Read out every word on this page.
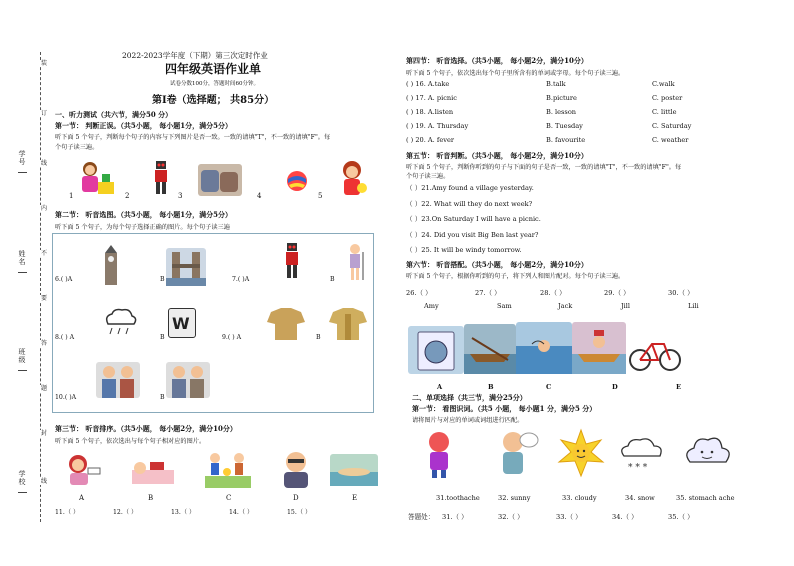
学号
姓名
班级
学校
装
订
线
内
不
要
答
题
封
线
2022-2023学年度（下期）第三次定时作业
四年级英语作业单
试卷分数100分，答题时间60分钟。
第Ⅰ卷（选择题； 共85分）
一、听力测试（共六节，满分50 分）
第一节： 判断正误。（共5小题， 每小题1分，满分5分）
听下面 5 个句子，判断每个句子的内容与下列图片是否一致。一致的请填"T"，不一致的请填"F"。每
个句子读三遍。
1	2	3	4	5
第二节： 听音选图。（共5小题， 每小题1分，满分5分）
听下面 5 个句子，为每个句子选择正确的图片。每个句子读三遍
6.( )A	B	7.( )A	B
8.( ) A	B
W
9.( ) A	B
10.( )A	B
第三节： 听音排序。（共5小题， 每小题2分，满分10分）
听下面 5 个句子，依次选出与每个句子相对应的图片。
A	B	C	D	E
11.（ ）	12.（ ）	13.（ ）	14.（ ）	15.（ ）
第四节： 听音选择。（共5小题， 每小题2分，满分10分）
听下面 5 个句子，依次选出每个句子里所含有的单词或字母。每个句子读三遍。
( ) 16. A.take	B.talk	C.walk
( ) 17. A. picnic	B.picture	C. poster
( ) 18. A.listen	B. lesson	C. little
( ) 19. A. Thursday	B. Tuesday	C. Saturday
( ) 20. A. fever	B. favourite	C. weather
第五节： 听音判断。（共5小题， 每小题2分，满分10分）
听下面 5 个句子，判断你听到的句子与下面的句子是否一致，一致的请填"T"，不一致的请填"F"。每
个句子读三遍。
（ ）21.Amy found a village yesterday.
（ ）22. What will they do next week?
（ ）23.On Saturday I will have a picnic.
（ ）24. Did you visit Big Ben last year?
（ ）25. It will be windy tomorrow.
第六节： 听音搭配。（共5小题， 每小题2分，满分10分）
听下面 5 个句子，根据你听到的句子，将下列人和图片配对。每个句子读三遍。
26.（ ）	27.（ ）	28.（ ）	29.（ ）	30.（ ）
Amy	Sam	Jack	Jill	Lili
A	B	C	D	E
二、单项选择（共三节，满分25分）
第一节： 看图识词。（共5 小题， 每小题1 分，满分5 分）
请将图片与对应的单词或词组进行匹配。
* * *
31.toothache	32. sunny	33. cloudy	34. snow	35. stomach ache
答题处： 31.（ ）	32.（ ）	33.（ ）	34.（ ）	35.（ ）
